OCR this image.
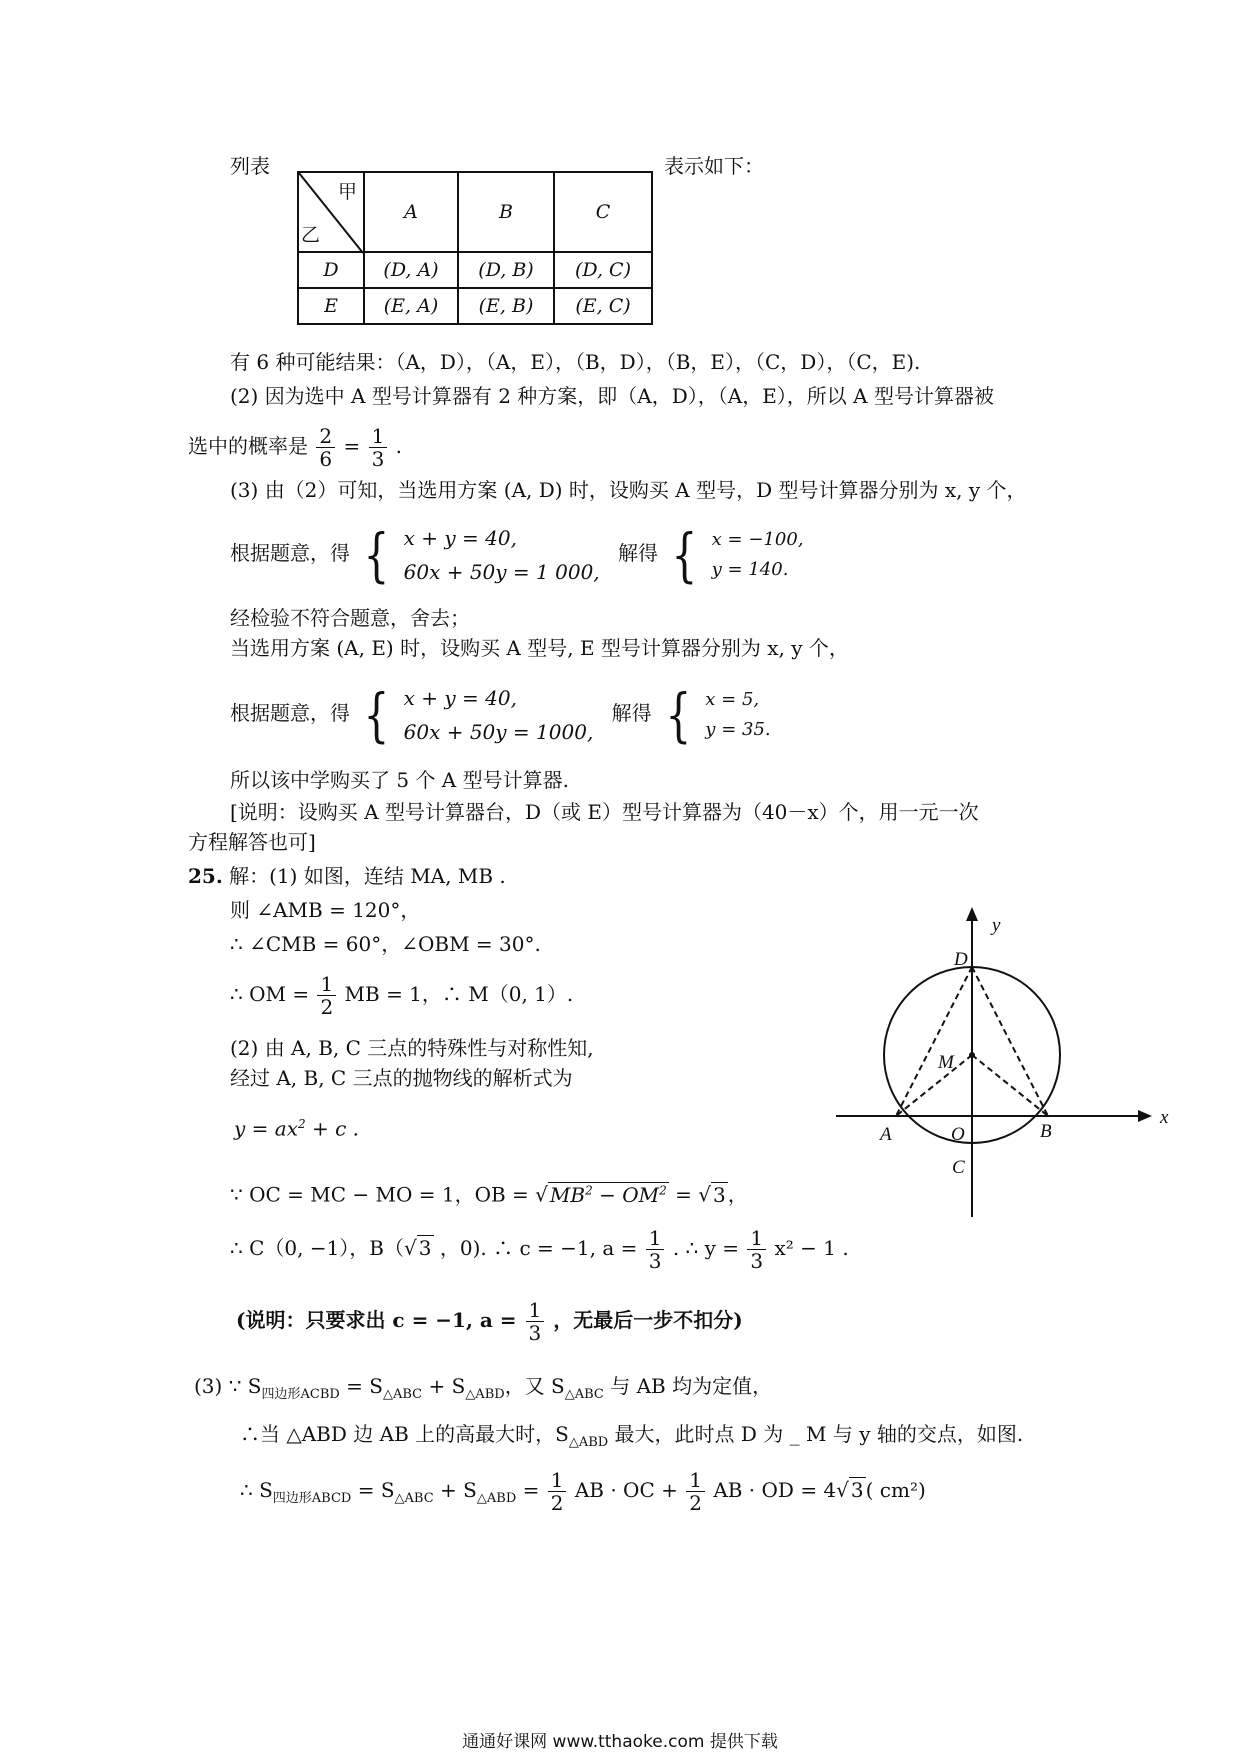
列表	表示如下：
甲
乙	A	B	C
D	(D, A)	(D, B)	(D, C)
E	(E, A)	(E, B)	(E, C)
有 6 种可能结果：（A，D），（A，E），（B，D），（B，E），（C，D），（C，E).
(2) 因为选中 A 型号计算器有 2 种方案，即（A，D），（A，E），所以 A 型号计算器被
选中的概率是 $\frac{2}{6} = \frac{1}{3}$ .
(3) 由（2）可知，当选用方案 (A, D) 时，设购买 A 型号，D 型号计算器分别为 x, y 个，
根据题意，得 { x + y = 40,
60x + 50y = 1 000,
解得 { x = −100,
y = 140.
经检验不符合题意，舍去；
当选用方案 (A, E) 时，设购买 A 型号, E 型号计算器分别为 x, y 个，
根据题意，得 { x + y = 40,
60x + 50y = 1000,
解得 { x = 5,
y = 35.
所以该中学购买了 5 个 A 型号计算器.
[说明：设购买 A 型号计算器台，D（或 E）型号计算器为（40－x）个，用一元一次
方程解答也可]
25. 解：(1) 如图，连结 MA, MB .
则 ∠AMB = 120°，
∴ ∠CMB = 60°，∠OBM = 30°.
∴ OM = $\frac{1}{2}$ MB = 1，∴ M（0, 1）.
(2) 由 A, B, C 三点的特殊性与对称性知,
经过 A, B, C 三点的抛物线的解析式为
$y = ax^2 + c$ .
∵ OC = MC − MO = 1，OB = √ $MB^2 - OM^2$ = √ 3 ，
∴ C（0, −1），B（√ 3 ，0). ∴ c = −1, $a = \frac{1}{3}$ . ∴ $y = \frac{1}{3} x^2 - 1$ .
(说明：只要求出 c = −1, $a = \frac{1}{3}$ ，无最后一步不扣分)
(3) ∵ $S_{四边形ACBD} = S_{\triangle ABC} + S_{\triangle ABD}$，又 $S_{\triangle ABC}$ 与 AB 均为定值，
∴当 △ABD 边 AB 上的高最大时，$S_{\triangle ABD}$ 最大，此时点 D 为 _ M 与 y 轴的交点，如图.
∴ $S_{四边形ABCD} = S_{\triangle ABC} + S_{\triangle ABD} = \frac{1}{2}$ AB · OC + $\frac{1}{2}$ AB · OD = 4√ 3 ( cm²)
x
y
D
M
A	O	B
C
通通好课网 www.tthaoke.com 提供下载
